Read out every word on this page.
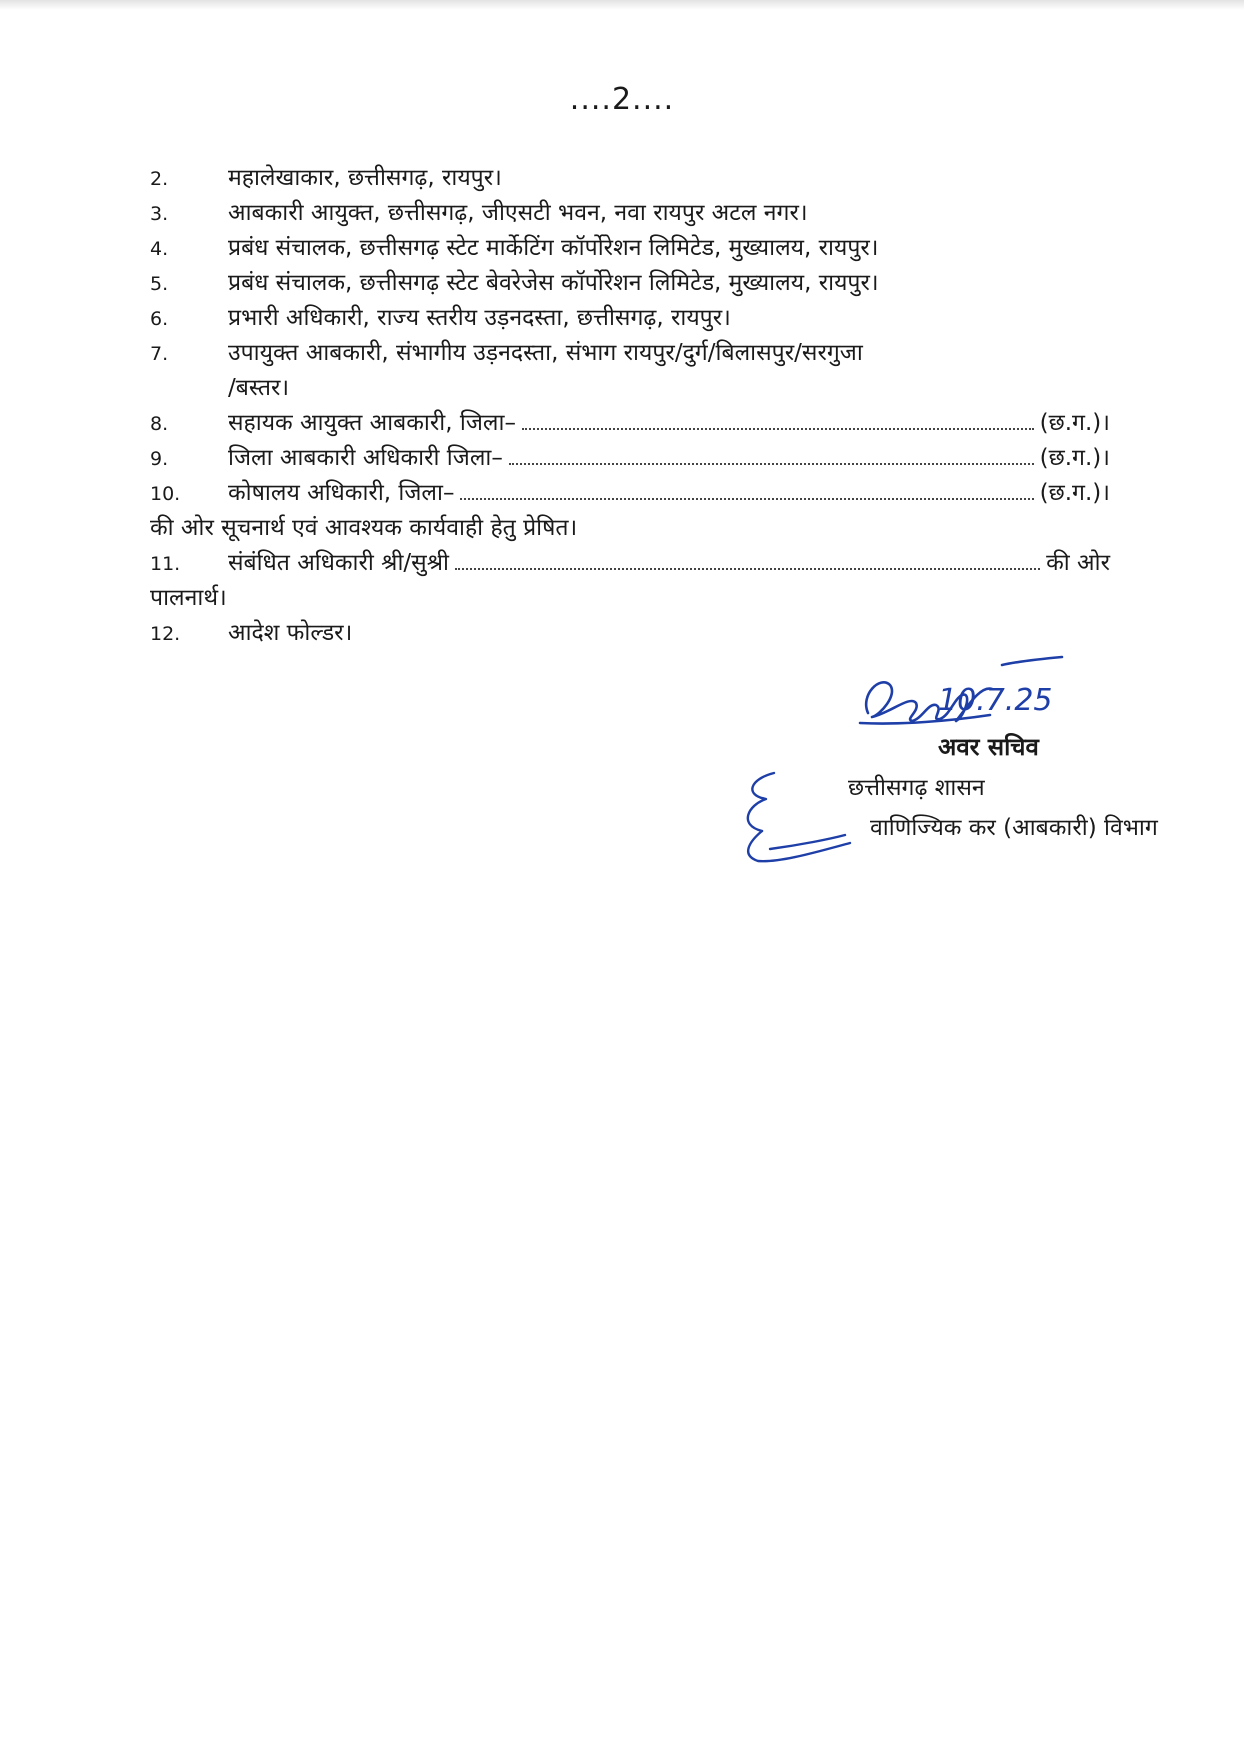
....2....
2.	महालेखाकार, छत्तीसगढ़, रायपुर।
3.	आबकारी आयुक्त, छत्तीसगढ़, जीएसटी भवन, नवा रायपुर अटल नगर।
4.	प्रबंध संचालक, छत्तीसगढ़ स्टेट मार्केटिंग कॉर्पोरेशन लिमिटेड, मुख्यालय, रायपुर।
5.	प्रबंध संचालक, छत्तीसगढ़ स्टेट बेवरेजेस कॉर्पोरेशन लिमिटेड, मुख्यालय, रायपुर।
6.	प्रभारी अधिकारी, राज्य स्तरीय उड़नदस्ता, छत्तीसगढ़, रायपुर।
7.	उपायुक्त आबकारी, संभागीय उड़नदस्ता, संभाग रायपुर/दुर्ग/बिलासपुर/सरगुजा
/बस्तर।
8.	सहायक आयुक्त आबकारी, जिला–	(छ.ग.)।
9.	जिला आबकारी अधिकारी जिला–	(छ.ग.)।
10.	कोषालय अधिकारी, जिला–	(छ.ग.)।
की ओर सूचनार्थ एवं आवश्यक कार्यवाही हेतु प्रेषित।
11.	संबंधित अधिकारी श्री/सुश्री	की ओर
पालनार्थ।
12.	आदेश फोल्डर।
10.7.25
अवर सचिव
छत्तीसगढ़ शासन
वाणिज्यिक कर (आबकारी) विभाग
